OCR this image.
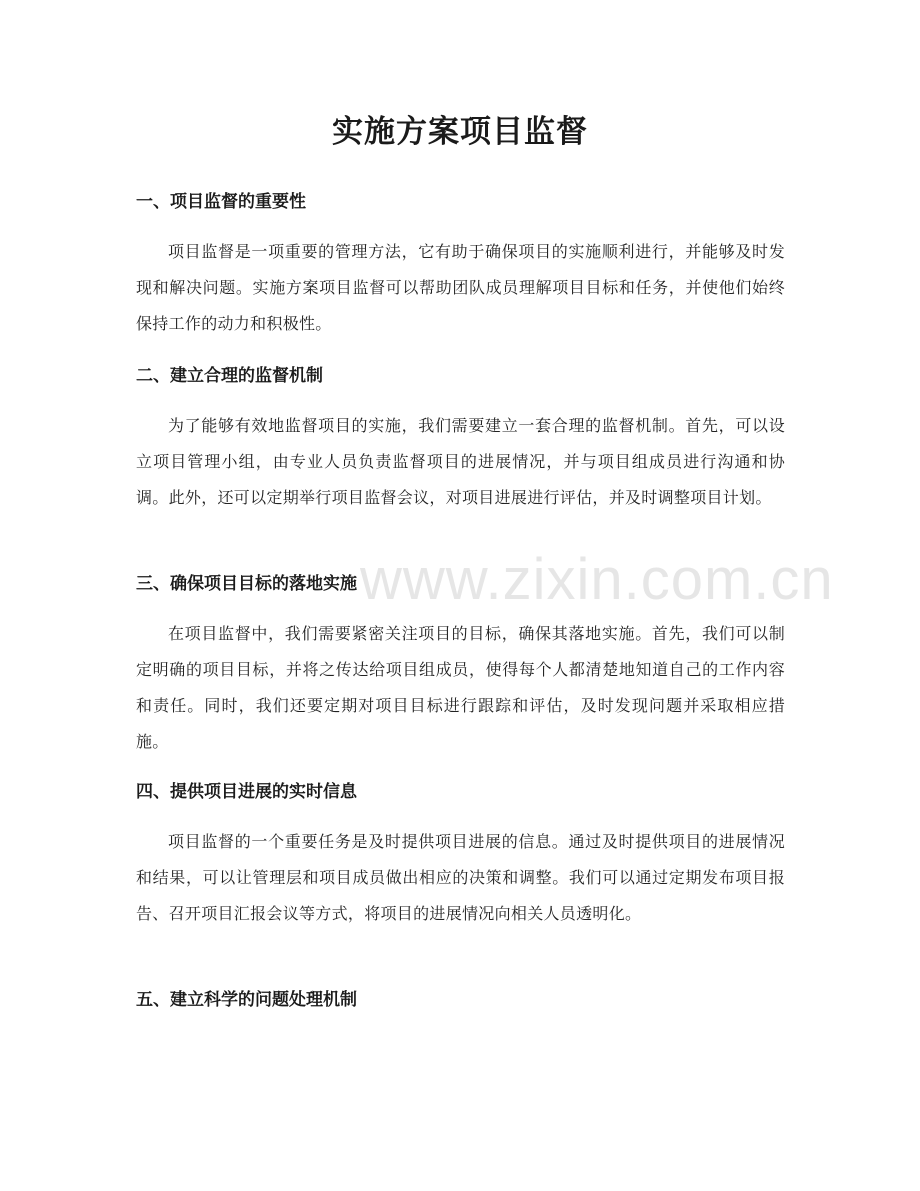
实施方案项目监督
www.zixin.com.cn
一、项目监督的重要性

项目监督是一项重要的管理方法，它有助于确保项目的实施顺利进行，并能够及时发现和解决问题。实施方案项目监督可以帮助团队成员理解项目目标和任务，并使他们始终保持工作的动力和积极性。

二、建立合理的监督机制

为了能够有效地监督项目的实施，我们需要建立一套合理的监督机制。首先，可以设立项目管理小组，由专业人员负责监督项目的进展情况，并与项目组成员进行沟通和协调。此外，还可以定期举行项目监督会议，对项目进展进行评估，并及时调整项目计划。

三、确保项目目标的落地实施

在项目监督中，我们需要紧密关注项目的目标，确保其落地实施。首先，我们可以制定明确的项目目标，并将之传达给项目组成员，使得每个人都清楚地知道自己的工作内容和责任。同时，我们还要定期对项目目标进行跟踪和评估，及时发现问题并采取相应措施。

四、提供项目进展的实时信息

项目监督的一个重要任务是及时提供项目进展的信息。通过及时提供项目的进展情况和结果，可以让管理层和项目成员做出相应的决策和调整。我们可以通过定期发布项目报告、召开项目汇报会议等方式，将项目的进展情况向相关人员透明化。

五、建立科学的问题处理机制
